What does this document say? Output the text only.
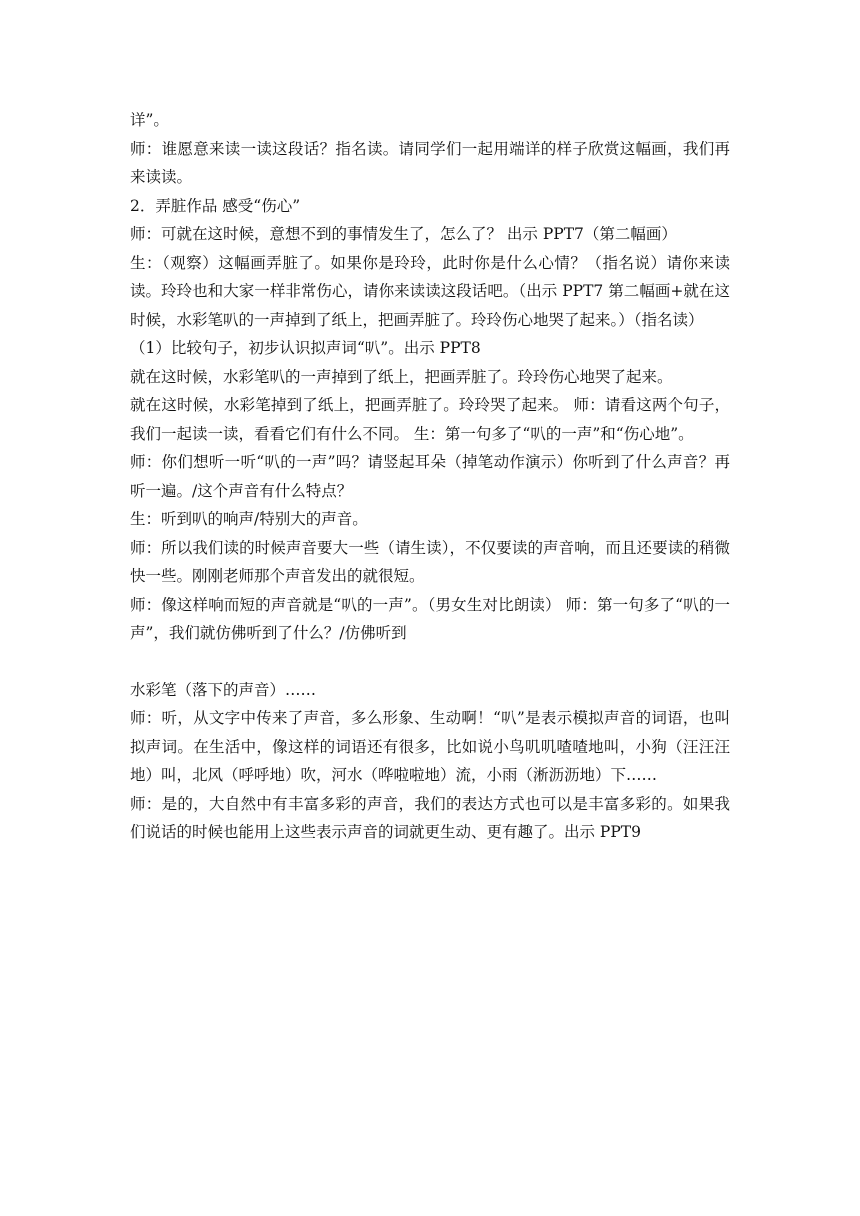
详”。

师：谁愿意来读一读这段话？指名读。请同学们一起用端详的样子欣赏这幅画，我们再来读读。

2．弄脏作品 感受“伤心”

师：可就在这时候，意想不到的事情发生了，怎么了？ 出示 PPT7（第二幅画）

生：（观察）这幅画弄脏了。如果你是玲玲，此时你是什么心情？（指名说）请你来读读。玲玲也和大家一样非常伤心，请你来读读这段话吧。（出示 PPT7 第二幅画+就在这时候，水彩笔叭的一声掉到了纸上，把画弄脏了。玲玲伤心地哭了起来。）（指名读）

（1）比较句子，初步认识拟声词“叭”。出示 PPT8

就在这时候，水彩笔叭的一声掉到了纸上，把画弄脏了。玲玲伤心地哭了起来。

就在这时候，水彩笔掉到了纸上，把画弄脏了。玲玲哭了起来。 师：请看这两个句子，我们一起读一读，看看它们有什么不同。 生：第一句多了“叭的一声”和“伤心地”。

师：你们想听一听“叭的一声”吗？请竖起耳朵（掉笔动作演示）你听到了什么声音？再听一遍。/这个声音有什么特点？

生：听到叭的响声/特别大的声音。

师：所以我们读的时候声音要大一些（请生读），不仅要读的声音响，而且还要读的稍微快一些。刚刚老师那个声音发出的就很短。

师：像这样响而短的声音就是“叭的一声”。（男女生对比朗读） 师：第一句多了“叭的一声”，我们就仿佛听到了什么？/仿佛听到

水彩笔（落下的声音）……

师：听，从文字中传来了声音，多么形象、生动啊！“叭”是表示模拟声音的词语，也叫拟声词。在生活中，像这样的词语还有很多，比如说小鸟叽叽喳喳地叫，小狗（汪汪汪地）叫，北风（呼呼地）吹，河水（哗啦啦地）流，小雨（淅沥沥地）下……

师：是的，大自然中有丰富多彩的声音，我们的表达方式也可以是丰富多彩的。如果我们说话的时候也能用上这些表示声音的词就更生动、更有趣了。出示 PPT9
